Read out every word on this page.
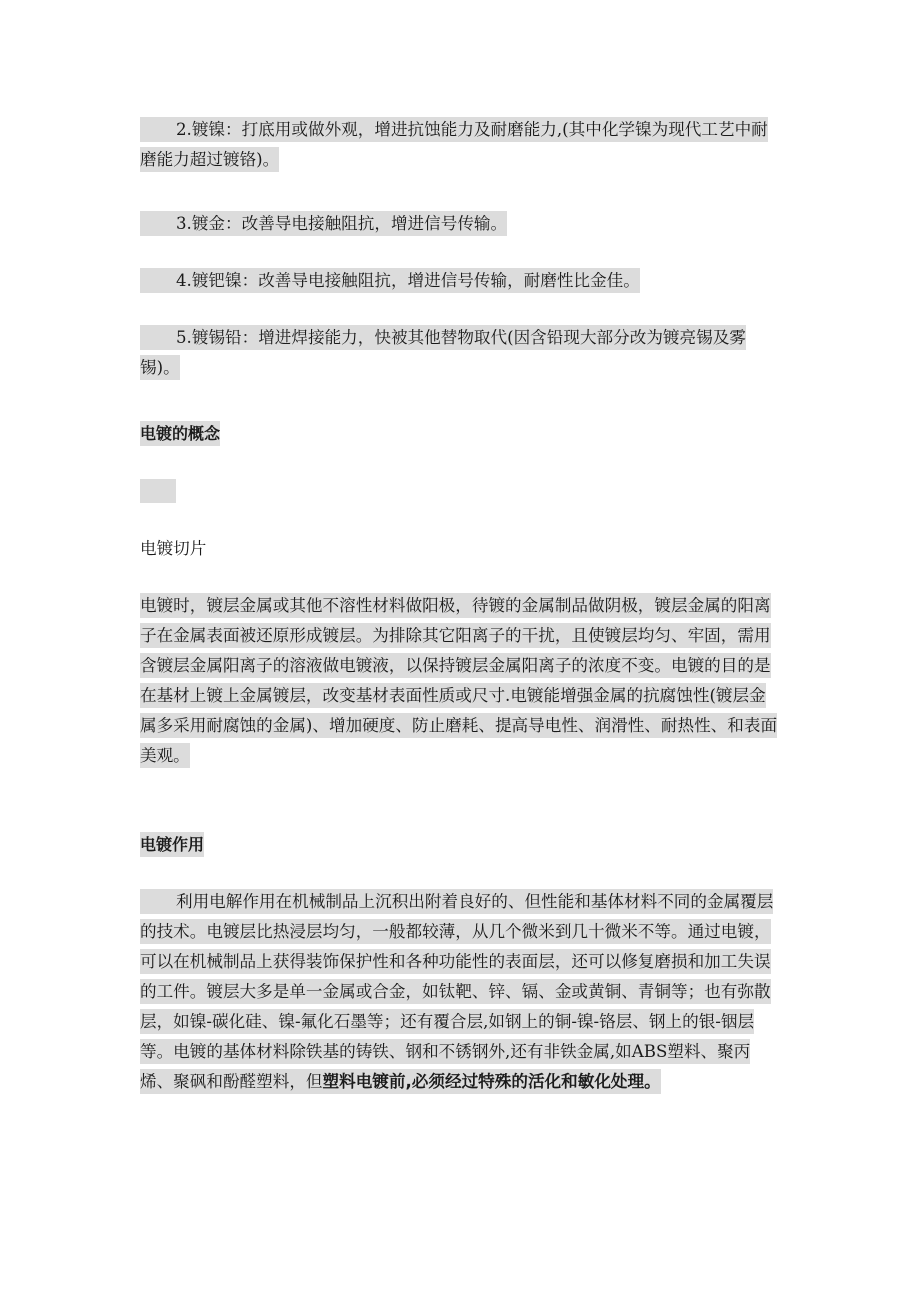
2.镀镍：打底用或做外观，增进抗蚀能力及耐磨能力,(其中化学镍为现代工艺中耐磨能力超过镀铬)。
3.镀金：改善导电接触阻抗，增进信号传输。
4.镀钯镍：改善导电接触阻抗，增进信号传输，耐磨性比金佳。
5.镀锡铅：增进焊接能力，快被其他替物取代(因含铅现大部分改为镀亮锡及雾锡)。
电镀的概念
电镀切片
电镀时，镀层金属或其他不溶性材料做阳极，待镀的金属制品做阴极，镀层金属的阳离子在金属表面被还原形成镀层。为排除其它阳离子的干扰，且使镀层均匀、牢固，需用含镀层金属阳离子的溶液做电镀液，以保持镀层金属阳离子的浓度不变。电镀的目的是在基材上镀上金属镀层，改变基材表面性质或尺寸.电镀能增强金属的抗腐蚀性(镀层金属多采用耐腐蚀的金属)、增加硬度、防止磨耗、提高导电性、润滑性、耐热性、和表面美观。
电镀作用
利用电解作用在机械制品上沉积出附着良好的、但性能和基体材料不同的金属覆层的技术。电镀层比热浸层均匀，一般都较薄，从几个微米到几十微米不等。通过电镀，可以在机械制品上获得装饰保护性和各种功能性的表面层，还可以修复磨损和加工失误的工件。镀层大多是单一金属或合金，如钛靶、锌、镉、金或黄铜、青铜等；也有弥散层，如镍-碳化硅、镍-氟化石墨等；还有覆合层,如钢上的铜-镍-铬层、钢上的银-铟层等。电镀的基体材料除铁基的铸铁、钢和不锈钢外,还有非铁金属,如ABS塑料、聚丙烯、聚砜和酚醛塑料，但塑料电镀前,必须经过特殊的活化和敏化处理。
